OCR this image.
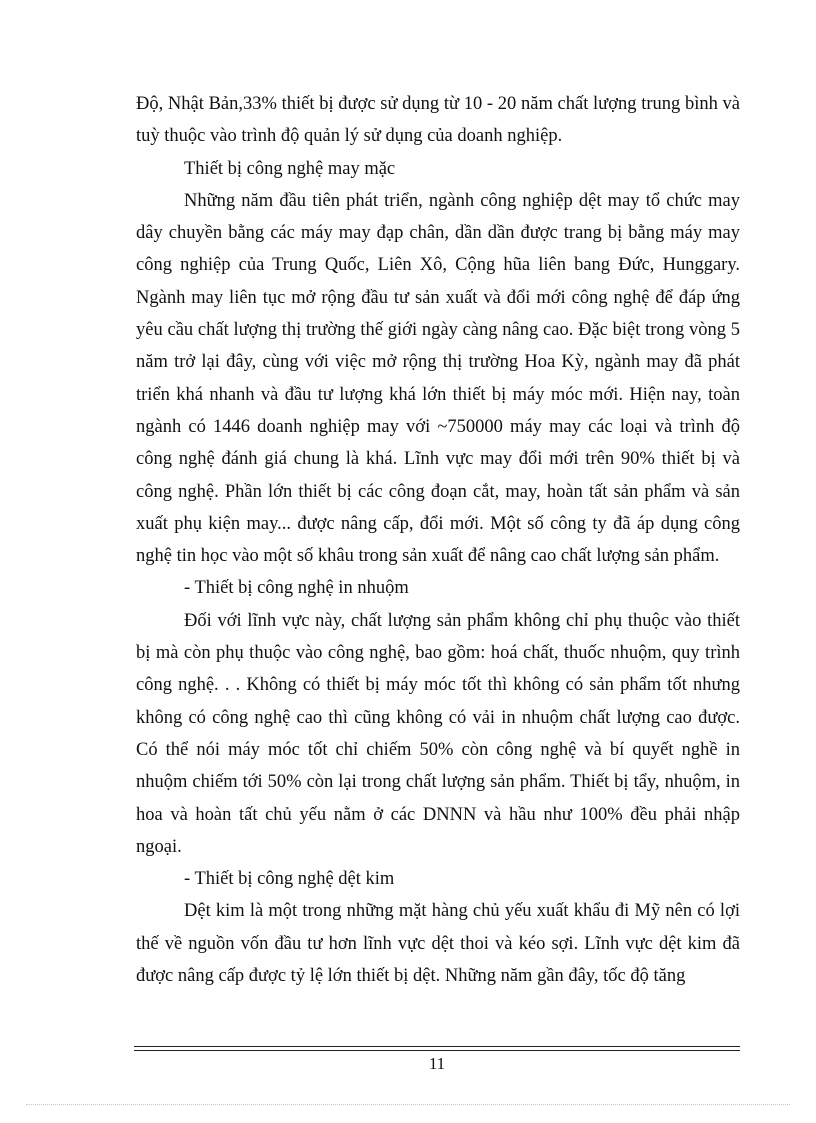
Độ, Nhật Bản,33% thiết bị được sử dụng từ 10 - 20 năm chất lượng trung bình và tuỳ thuộc vào trình độ quản lý sử dụng của doanh nghiệp.

Thiết bị công nghệ may mặc

Những năm đầu tiên phát triển, ngành công nghiệp dệt may tổ chức may dây chuyền bằng các máy may đạp chân, dần dần được trang bị bằng máy may công nghiệp của Trung Quốc, Liên Xô, Cộng hũa liên bang Đức, Hunggary. Ngành may liên tục mở rộng đầu tư sản xuất và đổi mới công nghệ để đáp ứng yêu cầu chất lượng thị trường thế giới ngày càng nâng cao. Đặc biệt trong vòng 5 năm trở lại đây, cùng với việc mở rộng thị trường Hoa Kỳ, ngành may đã phát triển khá nhanh và đầu tư lượng khá lớn thiết bị máy móc mới. Hiện nay, toàn ngành có 1446 doanh nghiệp may với ~750000 máy may các loại và trình độ công nghệ đánh giá chung là khá. Lĩnh vực may đổi mới trên 90% thiết bị và công nghệ. Phần lớn thiết bị các công đoạn cắt, may, hoàn tất sản phẩm và sản xuất phụ kiện may... được nâng cấp, đổi mới. Một số công ty đã áp dụng công nghệ tin học vào một số khâu trong sản xuất để nâng cao chất lượng sản phẩm.

- Thiết bị công nghệ in nhuộm

Đối với lĩnh vực này, chất lượng sản phẩm không chỉ phụ thuộc vào thiết bị mà còn phụ thuộc vào công nghệ, bao gồm: hoá chất, thuốc nhuộm, quy trình công nghệ. . . Không có thiết bị máy móc tốt thì không có sản phẩm tốt nhưng không có công nghệ cao thì cũng không có vải in nhuộm chất lượng cao được. Có thể nói máy móc tốt chỉ chiếm 50% còn công nghệ và bí quyết nghề in nhuộm chiếm tới 50% còn lại trong chất lượng sản phẩm. Thiết bị tẩy, nhuộm, in hoa và hoàn tất chủ yếu nằm ở các DNNN và hầu như 100% đều phải nhập ngoại.

- Thiết bị công nghệ dệt kim

Dệt kim là một trong những mặt hàng chủ yếu xuất khẩu đi Mỹ nên có lợi thế về nguồn vốn đầu tư hơn lĩnh vực dệt thoi và kéo sợi. Lĩnh vực dệt kim đã được nâng cấp được tỷ lệ lớn thiết bị dệt. Những năm gần đây, tốc độ tăng

11
